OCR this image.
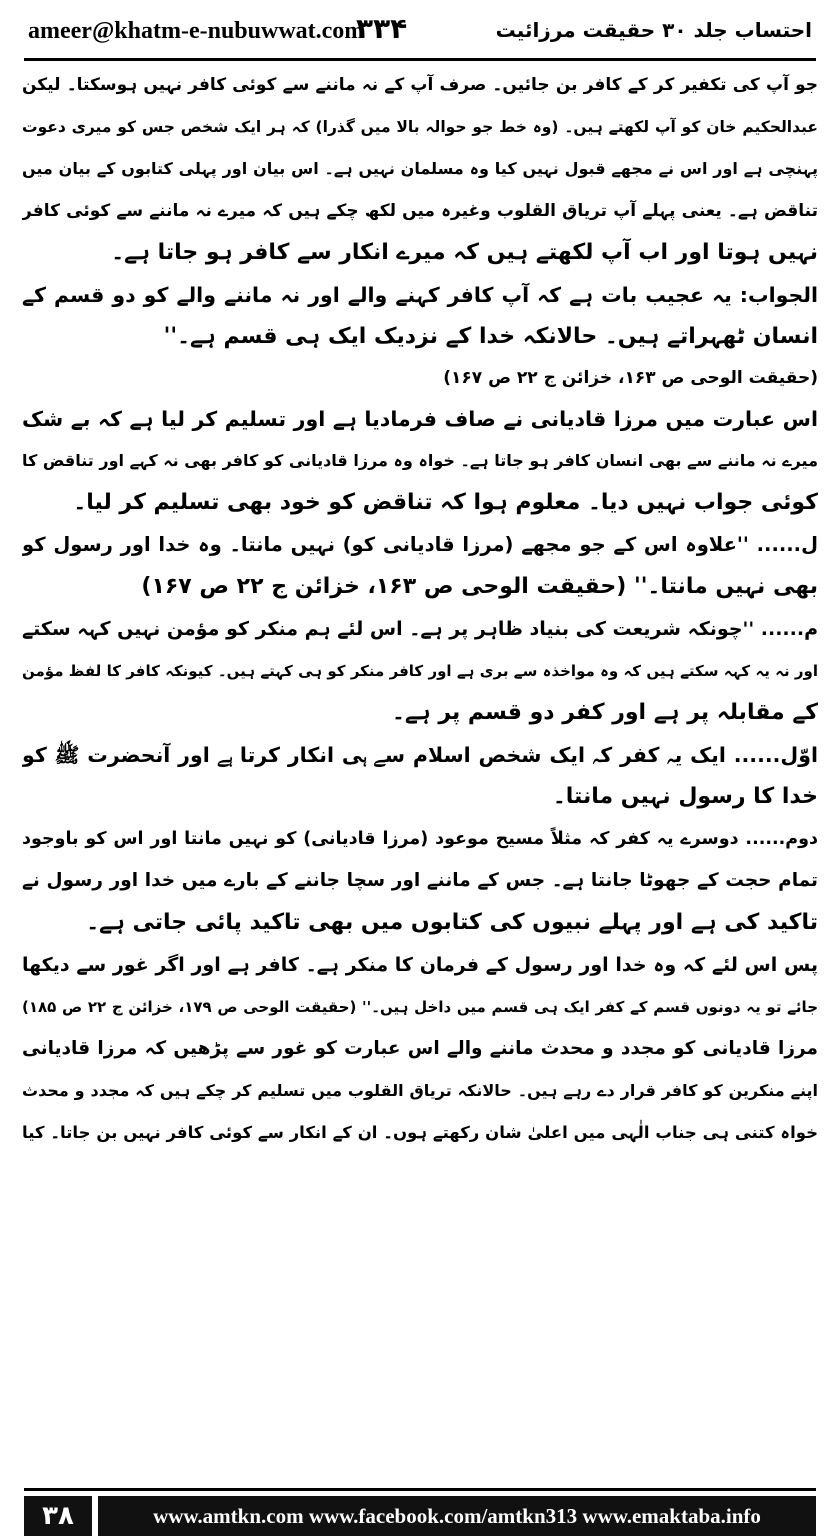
ameer@khatm-e-nubuwwat.com
۳۳۴	احتساب جلد ۳۰ حقیقت مرزائیت
جو آپ کی تکفیر کر کے کافر بن جائیں۔ صرف آپ کے نہ ماننے سے کوئی کافر نہیں ہوسکتا۔ لیکن
عبدالحکیم خان کو آپ لکھتے ہیں۔ (وہ خط جو حوالہ بالا میں گذرا) کہ ہر ایک شخص جس کو میری دعوت
پہنچی ہے اور اس نے مجھے قبول نہیں کیا وہ مسلمان نہیں ہے۔ اس بیان اور پہلی کتابوں کے بیان میں
تناقض ہے۔ یعنی پہلے آپ تریاق القلوب وغیرہ میں لکھ چکے ہیں کہ میرے نہ ماننے سے کوئی کافر
نہیں ہوتا اور اب آپ لکھتے ہیں کہ میرے انکار سے کافر ہو جاتا ہے۔
الجواب: یہ عجیب بات ہے کہ آپ کافر کہنے والے اور نہ ماننے والے کو دو قسم کے
انسان ٹھہراتے ہیں۔ حالانکہ خدا کے نزدیک ایک ہی قسم ہے۔''
(حقیقت الوحی ص ۱۶۳، خزائن ج ۲۲ ص ۱۶۷)
اس عبارت میں مرزا قادیانی نے صاف فرمادیا ہے اور تسلیم کر لیا ہے کہ بے شک
میرے نہ ماننے سے بھی انسان کافر ہو جاتا ہے۔ خواہ وہ مرزا قادیانی کو کافر بھی نہ کہے اور تناقض کا
کوئی جواب نہیں دیا۔ معلوم ہوا کہ تناقض کو خود بھی تسلیم کر لیا۔
ل...... ''علاوہ اس کے جو مجھے (مرزا قادیانی کو) نہیں مانتا۔ وہ خدا اور رسول کو
بھی نہیں مانتا۔'' (حقیقت الوحی ص ۱۶۳، خزائن ج ۲۲ ص ۱۶۷)
م...... ''چونکہ شریعت کی بنیاد ظاہر پر ہے۔ اس لئے ہم منکر کو مؤمن نہیں کہہ سکتے
اور نہ یہ کہہ سکتے ہیں کہ وہ مواخذہ سے بری ہے اور کافر منکر کو ہی کہتے ہیں۔ کیونکہ کافر کا لفظ مؤمن
کے مقابلہ پر ہے اور کفر دو قسم پر ہے۔
اوّل...... ایک یہ کفر کہ ایک شخص اسلام سے ہی انکار کرتا ہے اور آنحضرت ﷺ کو
خدا کا رسول نہیں مانتا۔
دوم...... دوسرے یہ کفر کہ مثلاً مسیح موعود (مرزا قادیانی) کو نہیں مانتا اور اس کو باوجود
تمام حجت کے جھوٹا جانتا ہے۔ جس کے ماننے اور سچا جاننے کے بارے میں خدا اور رسول نے
تاکید کی ہے اور پہلے نبیوں کی کتابوں میں بھی تاکید پائی جاتی ہے۔
پس اس لئے کہ وہ خدا اور رسول کے فرمان کا منکر ہے۔ کافر ہے اور اگر غور سے دیکھا
جائے تو یہ دونوں قسم کے کفر ایک ہی قسم میں داخل ہیں۔'' (حقیقت الوحی ص ۱۷۹، خزائن ج ۲۲ ص ۱۸۵)
مرزا قادیانی کو مجدد و محدث ماننے والے اس عبارت کو غور سے پڑھیں کہ مرزا قادیانی
اپنے منکرین کو کافر قرار دے رہے ہیں۔ حالانکہ تریاق القلوب میں تسلیم کر چکے ہیں کہ مجدد و محدث
خواہ کتنی ہی جناب الٰہی میں اعلیٰ شان رکھتے ہوں۔ ان کے انکار سے کوئی کافر نہیں بن جاتا۔ کیا
۳۸	www.amtkn.com www.facebook.com/amtkn313 www.emaktaba.info
